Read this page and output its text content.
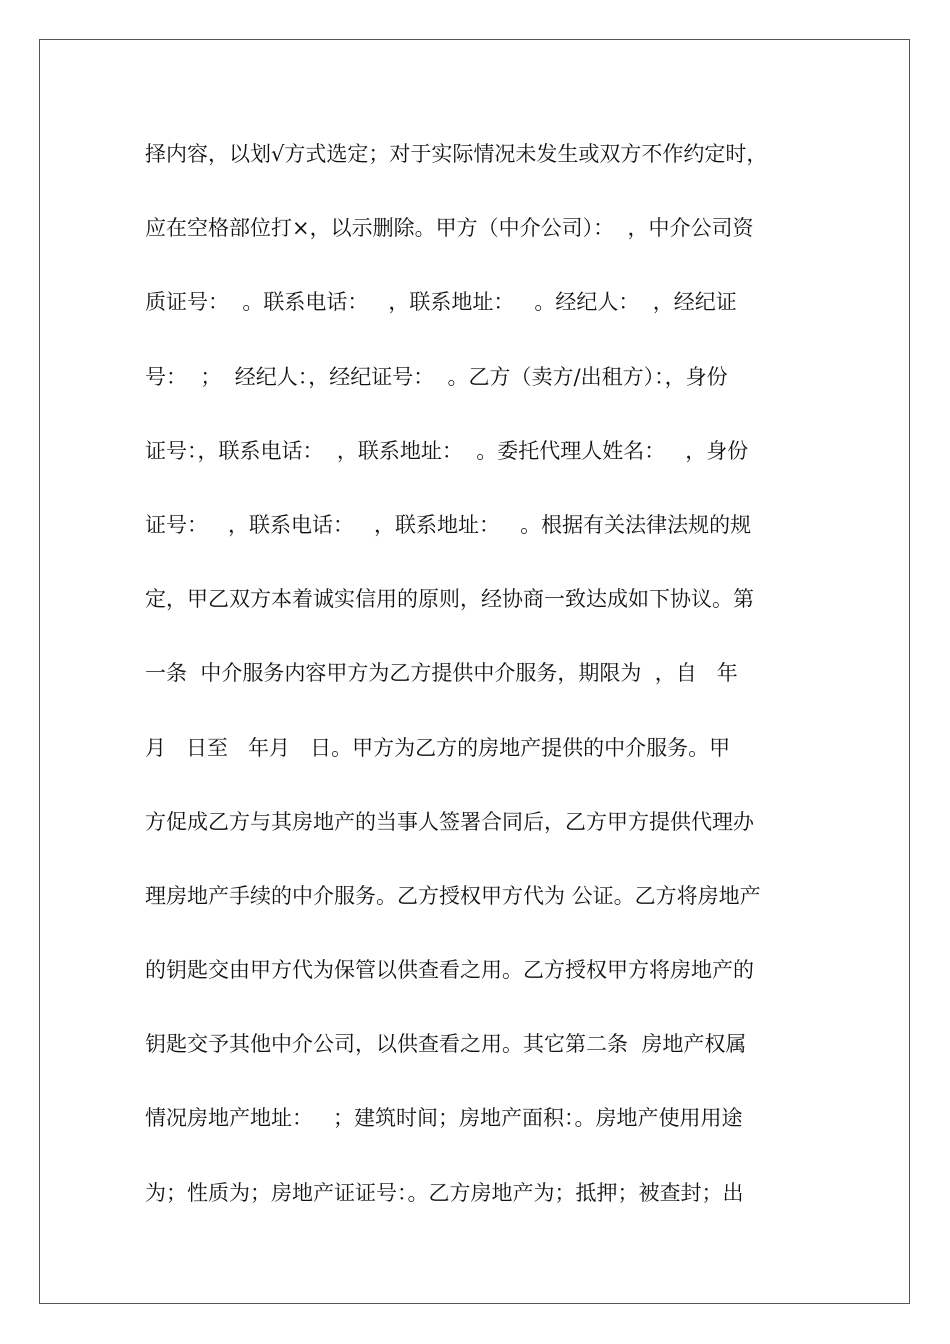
择内容，以划√方式选定；对于实际情况未发生或双方不作约定时，
应在空格部位打×，以示删除。甲方（中介公司）：  ，中介公司资
质证号：  。联系电话：   ，联系地址：   。经纪人：  ，经纪证
号：  ；  经纪人：，经纪证号：  。乙方（卖方/出租方）：，身份
证号：，联系电话：  ，联系地址：  。委托代理人姓名：   ，身份
证号：   ，联系电话：   ，联系地址：   。根据有关法律法规的规
定，甲乙双方本着诚实信用的原则，经协商一致达成如下协议。第
一条  中介服务内容甲方为乙方提供中介服务，期限为  ，自   年
月   日至   年月   日。甲方为乙方的房地产提供的中介服务。甲
方促成乙方与其房地产的当事人签署合同后，乙方甲方提供代理办
理房地产手续的中介服务。乙方授权甲方代为 公证。乙方将房地产
的钥匙交由甲方代为保管以供查看之用。乙方授权甲方将房地产的
钥匙交予其他中介公司，以供查看之用。其它第二条  房地产权属
情况房地产地址：   ；建筑时间；房地产面积：。房地产使用用途
为；性质为；房地产证证号：。乙方房地产为；抵押；被查封；出
